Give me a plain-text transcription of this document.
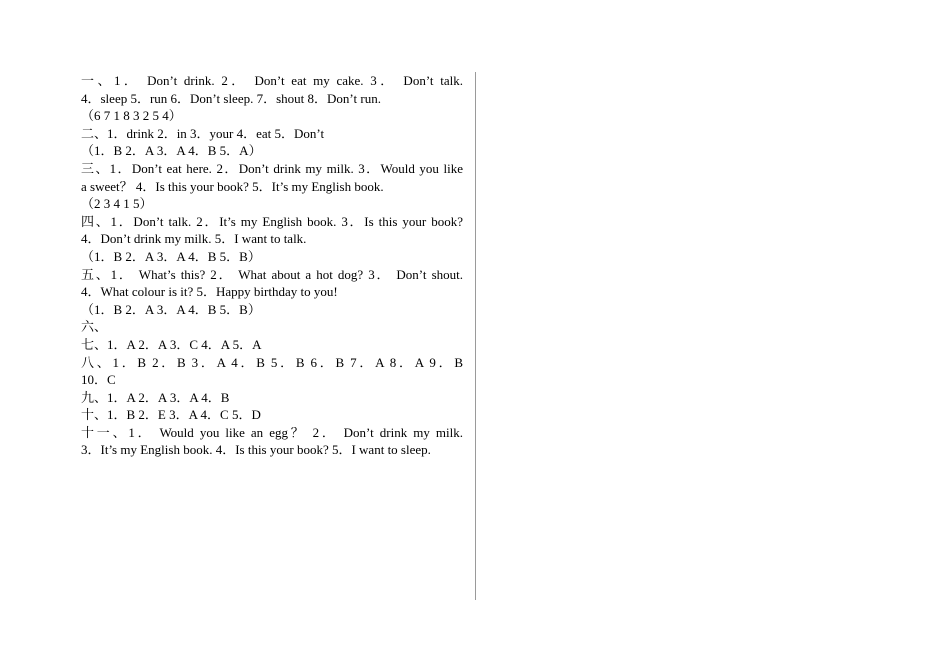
一、1． Don’t drink. 2． Don’t eat my cake. 3． Don’t talk.
4．sleep 5．run 6．Don’t sleep. 7．shout 8．Don’t run.
（6 7 1 8 3 2 5 4）
二、1．drink 2．in 3．your 4．eat 5．Don’t
（1．B 2．A 3．A 4．B 5．A）
三、1．Don’t eat here. 2．Don’t drink my milk. 3．Would you like
a sweet？ 4．Is this your book? 5．It’s my English book.
（2 3 4 1 5）
四、1．Don’t talk. 2．It’s my English book. 3．Is this your book?
4．Don’t drink my milk. 5．I want to talk.
（1．B 2．A 3．A 4．B 5．B）
五、1． What’s this? 2． What about a hot dog? 3． Don’t shout.
4．What colour is it? 5．Happy birthday to you!
（1．B 2．A 3．A 4．B 5．B）
六、
七、1．A 2．A 3．C 4．A 5．A
八、1．B 2．B 3．A 4．B 5．B 6．B 7．A 8．A 9．B
10．C
九、1．A 2．A 3．A 4．B
十、1．B 2．E 3．A 4．C 5．D
十一、1． Would you like an egg？ 2． Don’t drink my milk.
3．It’s my English book. 4．Is this your book? 5．I want to sleep.
